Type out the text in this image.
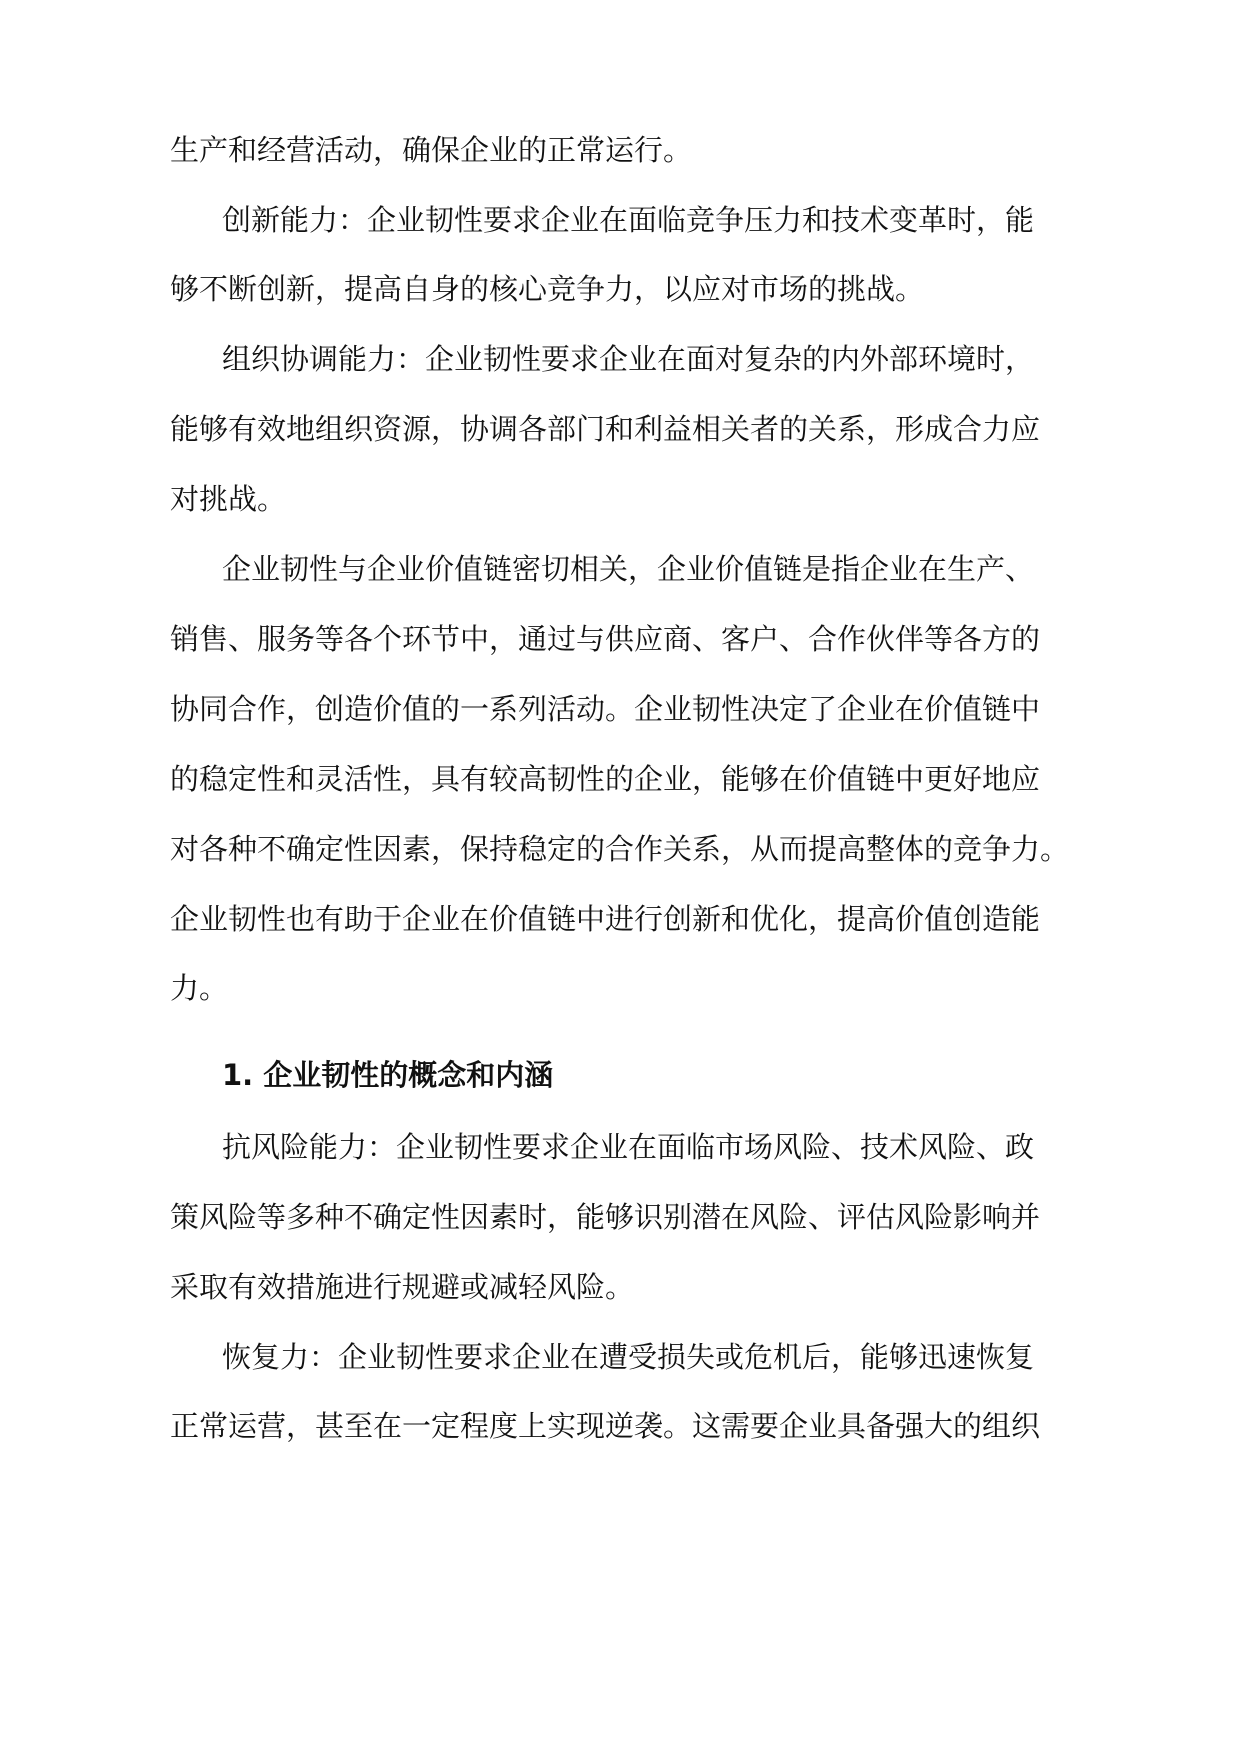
生产和经营活动，确保企业的正常运行。
创新能力：企业韧性要求企业在面临竞争压力和技术变革时，能
够不断创新，提高自身的核心竞争力，以应对市场的挑战。
组织协调能力：企业韧性要求企业在面对复杂的内外部环境时，
能够有效地组织资源，协调各部门和利益相关者的关系，形成合力应
对挑战。
企业韧性与企业价值链密切相关，企业价值链是指企业在生产、
销售、服务等各个环节中，通过与供应商、客户、合作伙伴等各方的
协同合作，创造价值的一系列活动。企业韧性决定了企业在价值链中
的稳定性和灵活性，具有较高韧性的企业，能够在价值链中更好地应
对各种不确定性因素，保持稳定的合作关系，从而提高整体的竞争力。
企业韧性也有助于企业在价值链中进行创新和优化，提高价值创造能
力。
1. 企业韧性的概念和内涵
抗风险能力：企业韧性要求企业在面临市场风险、技术风险、政
策风险等多种不确定性因素时，能够识别潜在风险、评估风险影响并
采取有效措施进行规避或减轻风险。
恢复力：企业韧性要求企业在遭受损失或危机后，能够迅速恢复
正常运营，甚至在一定程度上实现逆袭。这需要企业具备强大的组织
